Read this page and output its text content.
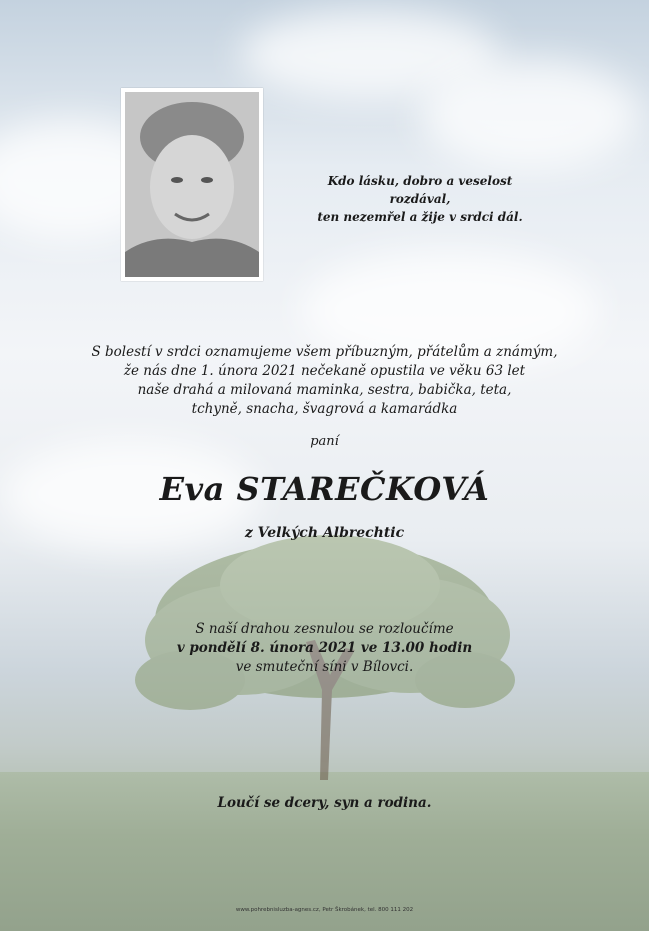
Kdo lásku, dobro a veselost rozdával,
ten nezemřel a žije v srdci dál.
S bolestí v srdci oznamujeme všem příbuzným, přátelům a známým,
že nás dne 1. února 2021 nečekaně opustila ve věku 63 let
naše drahá a milovaná maminka, sestra, babička, teta,
tchyně, snacha, švagrová a kamarádka
paní
Eva STAREČKOVÁ
z Velkých Albrechtic
S naší drahou zesnulou se rozloučíme
v pondělí 8. února 2021 ve 13.00 hodin
ve smuteční síni v Bílovci.
Loučí se dcery, syn a rodina.
www.pohrebnisluzba-agnes.cz, Petr Škrobánek, tel. 800 111 202
